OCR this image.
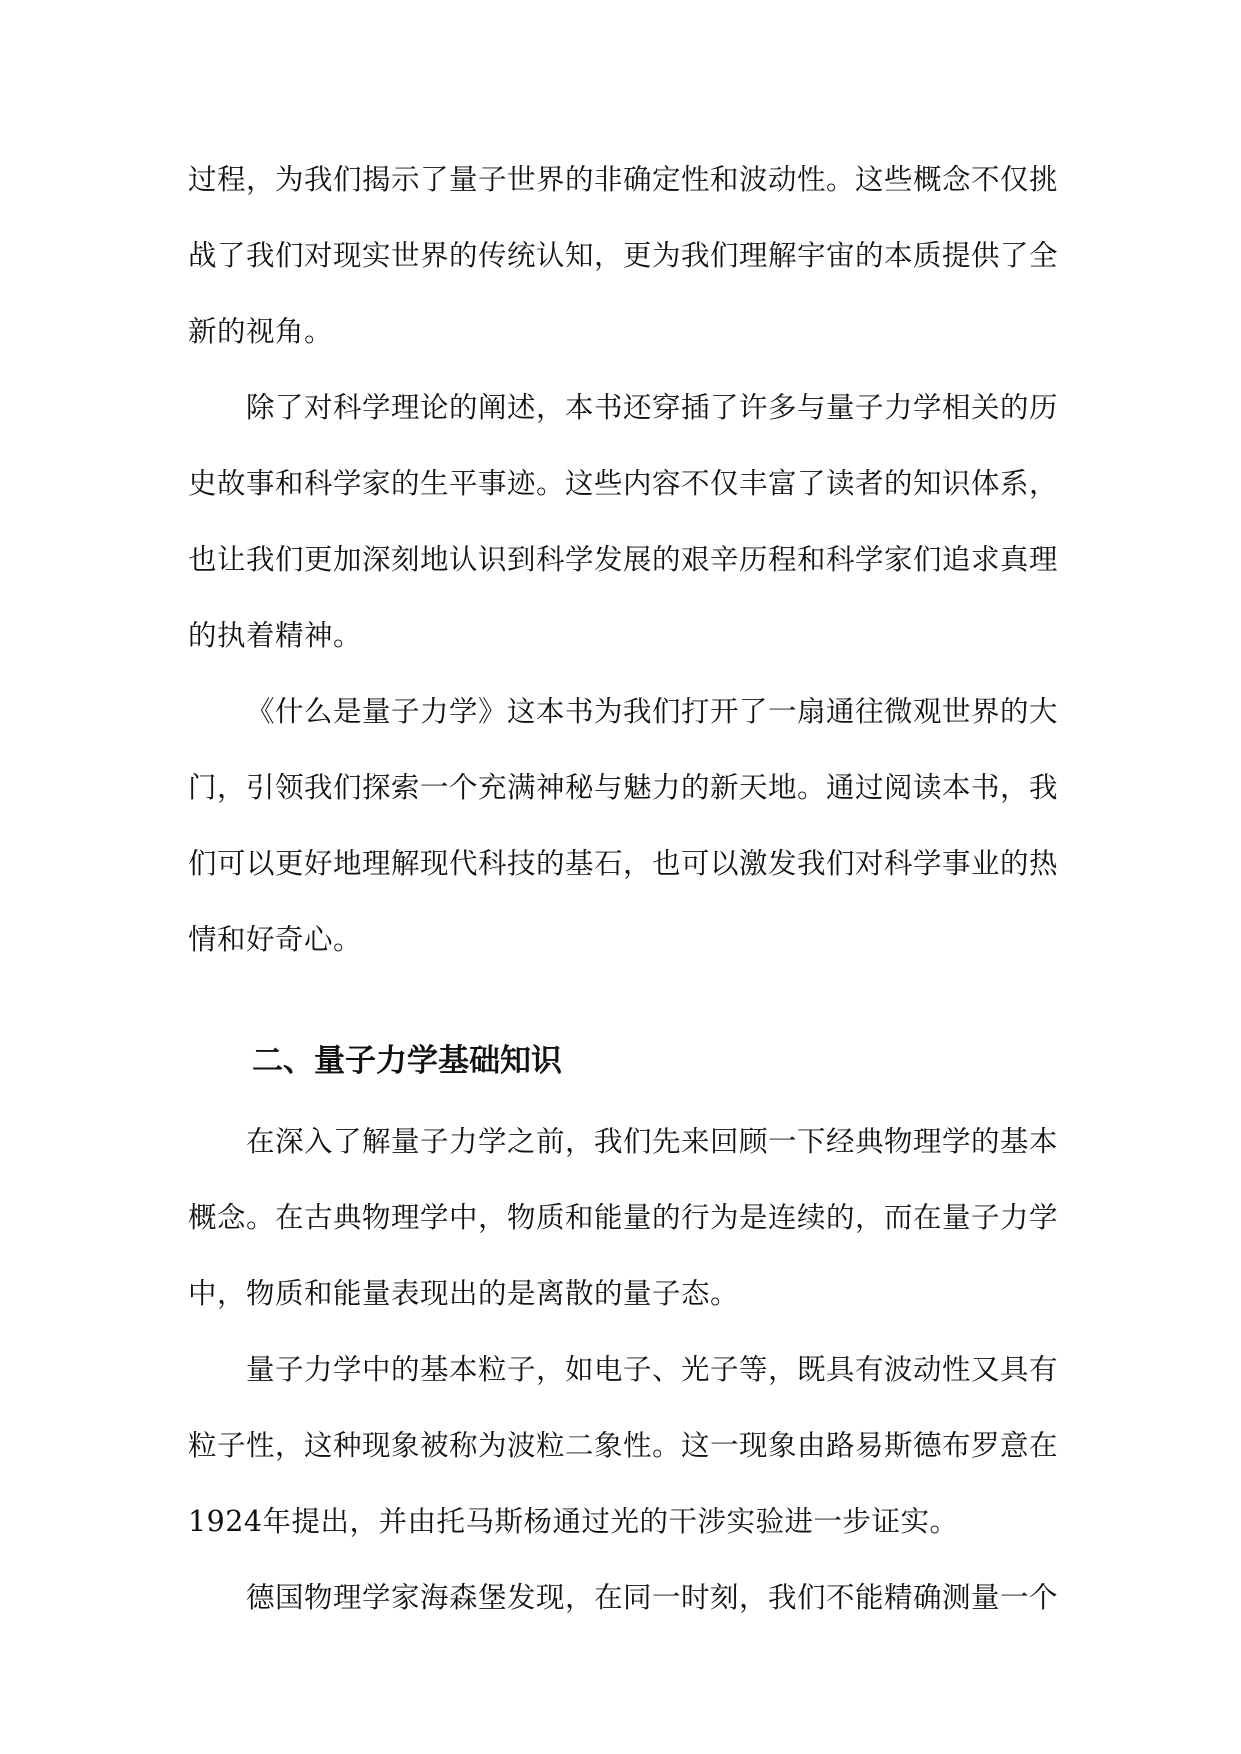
过程，为我们揭示了量子世界的非确定性和波动性。这些概念不仅挑战了我们对现实世界的传统认知，更为我们理解宇宙的本质提供了全新的视角。

除了对科学理论的阐述，本书还穿插了许多与量子力学相关的历史故事和科学家的生平事迹。这些内容不仅丰富了读者的知识体系，也让我们更加深刻地认识到科学发展的艰辛历程和科学家们追求真理的执着精神。

《什么是量子力学》这本书为我们打开了一扇通往微观世界的大门，引领我们探索一个充满神秘与魅力的新天地。通过阅读本书，我们可以更好地理解现代科技的基石，也可以激发我们对科学事业的热情和好奇心。

二、量子力学基础知识

在深入了解量子力学之前，我们先来回顾一下经典物理学的基本概念。在古典物理学中，物质和能量的行为是连续的，而在量子力学中，物质和能量表现出的是离散的量子态。

量子力学中的基本粒子，如电子、光子等，既具有波动性又具有粒子性，这种现象被称为波粒二象性。这一现象由路易斯德布罗意在1924年提出，并由托马斯杨通过光的干涉实验进一步证实。

德国物理学家海森堡发现，在同一时刻，我们不能精确测量一个
